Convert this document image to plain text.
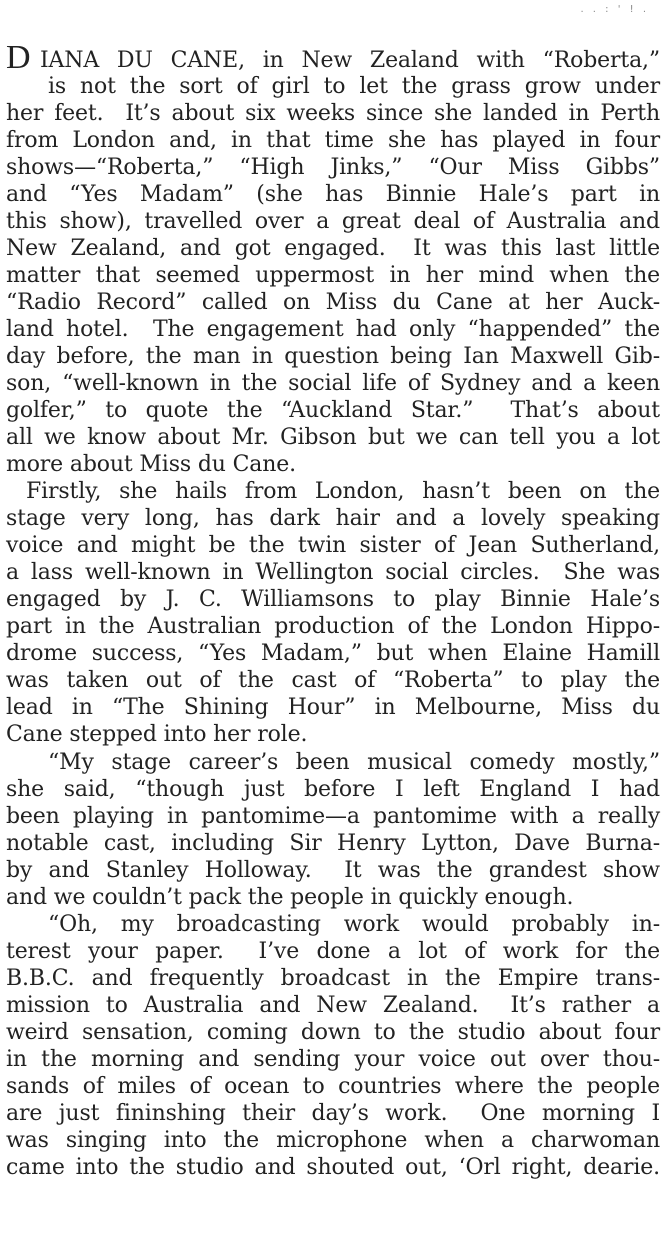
. . : ' ! .
D IANA DU CANE, in New Zealand with “Roberta,”
is not the sort of girl to let the grass grow under
her feet.  It’s about six weeks since she landed in Perth
from London and, in that time she has played in four
shows—“Roberta,” “High Jinks,” “Our Miss Gibbs”
and “Yes Madam” (she has Binnie Hale’s part in
this show), travelled over a great deal of Australia and
New Zealand, and got engaged.  It was this last little
matter that seemed uppermost in her mind when the
“Radio Record” called on Miss du Cane at her Auck-
land hotel.  The engagement had only “happended” the
day before, the man in question being Ian Maxwell Gib-
son, “well-known in the social life of Sydney and a keen
golfer,” to quote the “Auckland Star.”  That’s about
all we know about Mr. Gibson but we can tell you a lot
more about Miss du Cane.
Firstly, she hails from London, hasn’t been on the
stage very long, has dark hair and a lovely speaking
voice and might be the twin sister of Jean Sutherland,
a lass well-known in Wellington social circles.  She was
engaged by J. C. Williamsons to play Binnie Hale’s
part in the Australian production of the London Hippo-
drome success, “Yes Madam,” but when Elaine Hamill
was taken out of the cast of “Roberta” to play the
lead in “The Shining Hour” in Melbourne, Miss du
Cane stepped into her role.
“My stage career’s been musical comedy mostly,”
she said, “though just before I left England I had
been playing in pantomime—a pantomime with a really
notable cast, including Sir Henry Lytton, Dave Burna-
by and Stanley Holloway.  It was the grandest show
and we couldn’t pack the people in quickly enough.
“Oh, my broadcasting work would probably in-
terest your paper.  I’ve done a lot of work for the
B.B.C. and frequently broadcast in the Empire trans-
mission to Australia and New Zealand.  It’s rather a
weird sensation, coming down to the studio about four
in the morning and sending your voice out over thou-
sands of miles of ocean to countries where the people
are just fininshing their day’s work.  One morning I
was singing into the microphone when a charwoman
came into the studio and shouted out, ‘Orl right, dearie.
